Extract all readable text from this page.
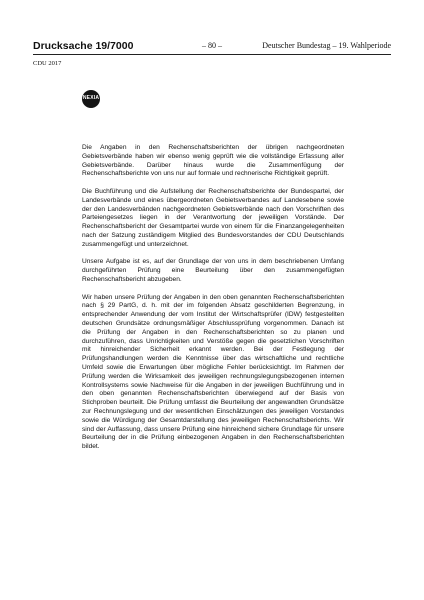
Drucksache 19/7000	– 80 –	Deutscher Bundestag – 19. Wahlperiode
CDU 2017
NEXIA

Die Angaben in den Rechenschaftsberichten der übrigen nachgeordneten Gebietsverbände haben wir ebenso wenig geprüft wie die vollständige Erfassung aller Gebietsverbände. Darüber hinaus wurde die Zusammenfügung der Rechenschaftsberichte von uns nur auf formale und rechnerische Richtigkeit geprüft.

Die Buchführung und die Aufstellung der Rechenschaftsberichte der Bundespartei, der Landesverbände und eines übergeordneten Gebietsverbandes auf Landesebene sowie der den Landesverbänden nachgeordneten Gebietsverbände nach den Vorschriften des Parteiengesetzes liegen in der Verantwortung der jeweiligen Vorstände. Der Rechenschaftsbericht der Gesamtpartei wurde von einem für die Finanzangelegenheiten nach der Satzung zuständigem Mitglied des Bundesvorstandes der CDU Deutschlands zusammengefügt und unterzeichnet.

Unsere Aufgabe ist es, auf der Grundlage der von uns in dem beschriebenen Umfang durchgeführten Prüfung eine Beurteilung über den zusammengefügten Rechenschaftsbericht abzugeben.

Wir haben unsere Prüfung der Angaben in den oben genannten Rechenschaftsberichten nach § 29 PartG, d. h. mit der im folgenden Absatz geschilderten Begrenzung, in entsprechender Anwendung der vom Institut der Wirtschaftsprüfer (IDW) festgestellten deutschen Grundsätze ordnungsmäßiger Abschlussprüfung vorgenommen. Danach ist die Prüfung der Angaben in den Rechenschaftsberichten so zu planen und durchzuführen, dass Unrichtigkeiten und Verstöße gegen die gesetzlichen Vorschriften mit hinreichender Sicherheit erkannt werden. Bei der Festlegung der Prüfungshandlungen werden die Kenntnisse über das wirtschaftliche und rechtliche Umfeld sowie die Erwartungen über mögliche Fehler berücksichtigt. Im Rahmen der Prüfung werden die Wirksamkeit des jeweiligen rechnungslegungsbezogenen internen Kontrollsystems sowie Nachweise für die Angaben in der jeweiligen Buchführung und in den oben genannten Rechenschaftsberichten überwiegend auf der Basis von Stichproben beurteilt. Die Prüfung umfasst die Beurteilung der angewandten Grundsätze zur Rechnungslegung und der wesentlichen Einschätzungen des jeweiligen Vorstandes sowie die Würdigung der Gesamtdarstellung des jeweiligen Rechenschaftsberichts. Wir sind der Auffassung, dass unsere Prüfung eine hinreichend sichere Grundlage für unsere Beurteilung der in die Prüfung einbezogenen Angaben in den Rechenschaftsberichten bildet.
